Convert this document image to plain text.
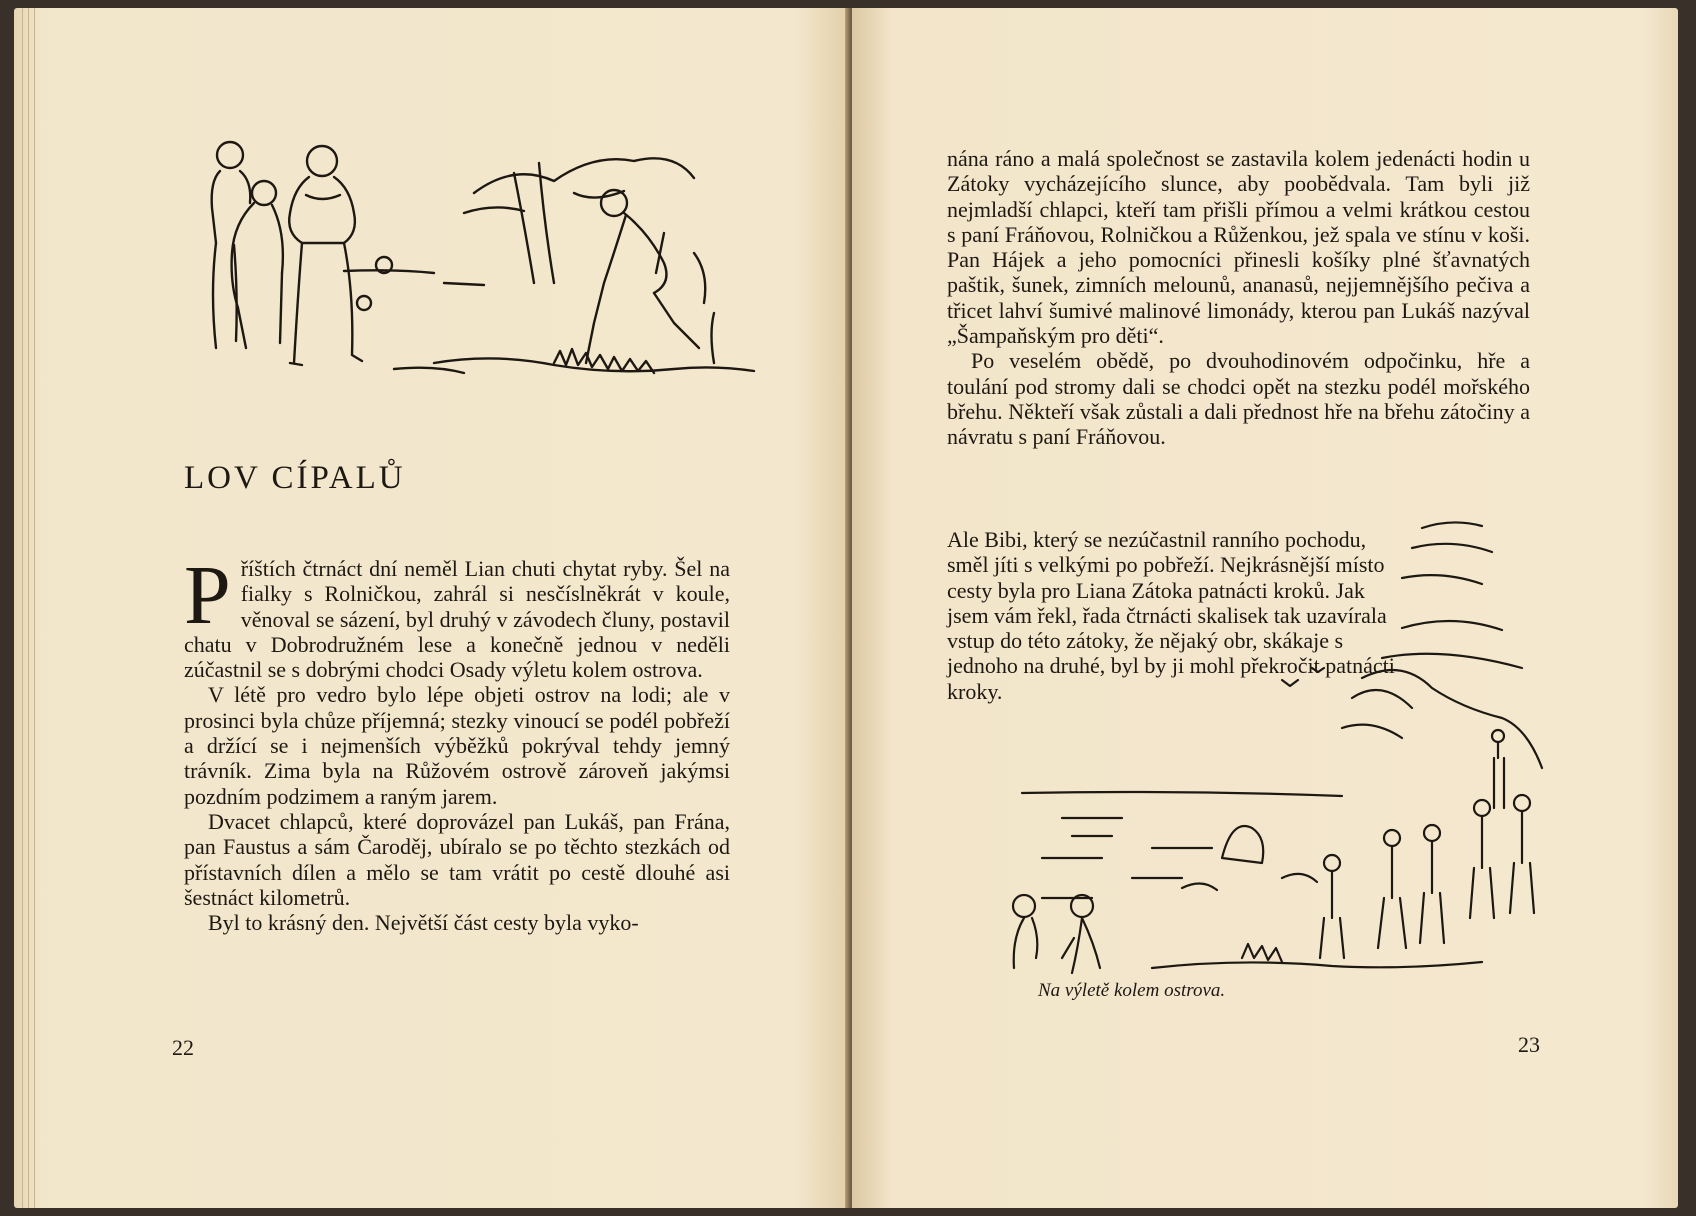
LOV CÍPALŮ

Příštích čtrnáct dní neměl Lian chuti chytat ryby. Šel na fialky s Rolničkou, zahrál si nesčíslněkrát v koule, věnoval se sázení, byl druhý v závodech čluny, postavil chatu v Dobrodružném lese a konečně jednou v neděli zúčastnil se s dobrými chodci Osady výletu kolem ostrova.

V létě pro vedro bylo lépe objeti ostrov na lodi; ale v prosinci byla chůze příjemná; stezky vinoucí se podél pobřeží a držící se i nejmenších výběžků pokrýval tehdy jemný trávník. Zima byla na Růžovém ostrově zároveň jakýmsi pozdním podzimem a raným jarem.

Dvacet chlapců, které doprovázel pan Lukáš, pan Frána, pan Faustus a sám Čaroděj, ubíralo se po těchto stezkách od přístavních dílen a mělo se tam vrátit po cestě dlouhé asi šestnáct kilometrů.

Byl to krásný den. Největší část cesty byla vyko-

22

nána ráno a malá společnost se zastavila kolem jedenácti hodin u Zátoky vycházejícího slunce, aby poobědvala. Tam byli již nejmladší chlapci, kteří tam přišli přímou a velmi krátkou cestou s paní Fráňovou, Rolničkou a Růženkou, jež spala ve stínu v koši. Pan Hájek a jeho pomocníci přinesli košíky plné šťavnatých paštik, šunek, zimních melounů, ananasů, nejjemnějšího pečiva a třicet lahví šumivé malinové limonády, kterou pan Lukáš nazýval „Šampaňským pro děti“.

Po veselém obědě, po dvouhodinovém odpočinku, hře a toulání pod stromy dali se chodci opět na stezku podél mořského břehu. Někteří však zůstali a dali přednost hře na břehu zátočiny a návratu s paní Fráňovou.

Ale Bibi, který se nezúčastnil ranního pochodu, směl jíti s velkými po pobřeží. Nejkrásnější místo cesty byla pro Liana Zátoka patnácti kroků. Jak jsem vám řekl, řada čtrnácti skalisek tak uzavírala vstup do této zátoky, že nějaký obr, skákaje s jednoho na druhé, byl by ji mohl překročit patnácti kroky.

Na výletě kolem ostrova.
23
